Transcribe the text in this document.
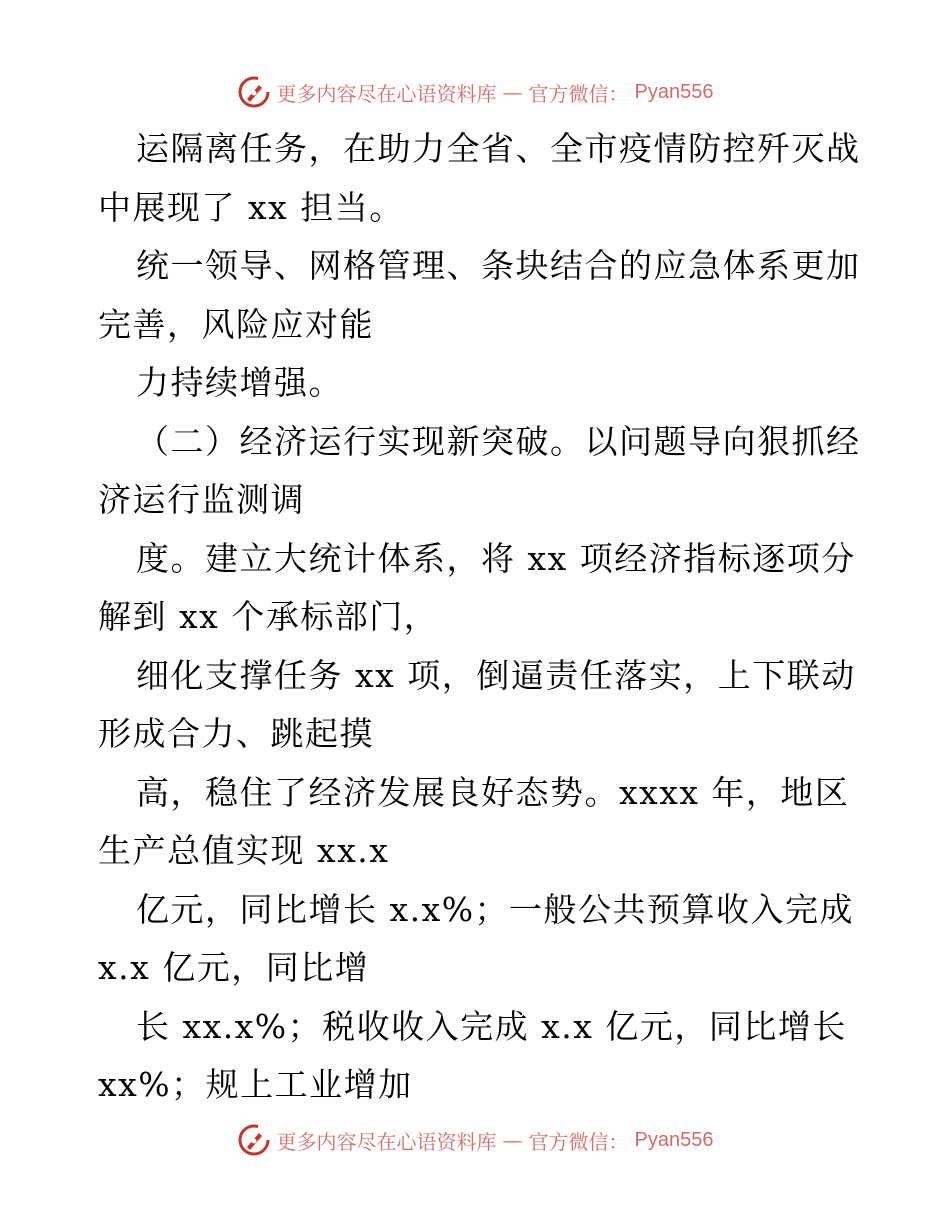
更多内容尽在心语资料库 — 官方微信： Pyan556
运隔离任务，在助力全省、全市疫情防控歼灭战
中展现了 xx 担当。
统一领导、网格管理、条块结合的应急体系更加
完善，风险应对能
力持续增强。
（二）经济运行实现新突破。以问题导向狠抓经
济运行监测调
度。建立大统计体系，将 xx 项经济指标逐项分
解到 xx 个承标部门，
细化支撑任务 xx 项，倒逼责任落实，上下联动
形成合力、跳起摸
高，稳住了经济发展良好态势。xxxx 年，地区
生产总值实现 xx.x
亿元，同比增长 x.x%；一般公共预算收入完成
x.x 亿元，同比增
长 xx.x%；税收收入完成 x.x 亿元，同比增长
xx%；规上工业增加
更多内容尽在心语资料库 — 官方微信： Pyan556
